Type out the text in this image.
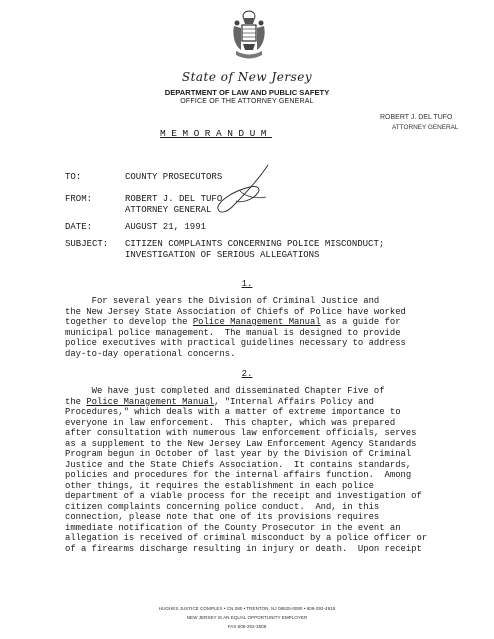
State of New Jersey
DEPARTMENT OF LAW AND PUBLIC SAFETY
OFFICE OF THE ATTORNEY GENERAL
ROBERT J. DEL TUFO
ATTORNEY GENERAL
MEMORANDUM
TO:	COUNTY PROSECUTORS
FROM:	ROBERT J. DEL TUFO
ATTORNEY GENERAL
DATE:	AUGUST 21, 1991
SUBJECT:	CITIZEN COMPLAINTS CONCERNING POLICE MISCONDUCT;
INVESTIGATION OF SERIOUS ALLEGATIONS
1.
For several years the Division of Criminal Justice and
the New Jersey State Association of Chiefs of Police have worked
together to develop the Police Management Manual as a guide for
municipal police management.  The manual is designed to provide
police executives with practical guidelines necessary to address
day-to-day operational concerns.
2.
We have just completed and disseminated Chapter Five of
the Police Management Manual, "Internal Affairs Policy and
Procedures," which deals with a matter of extreme importance to
everyone in law enforcement.  This chapter, which was prepared
after consultation with numerous law enforcement officials, serves
as a supplement to the New Jersey Law Enforcement Agency Standards
Program begun in October of last year by the Division of Criminal
Justice and the State Chiefs Association.  It contains standards,
policies and procedures for the internal affairs function.  Among
other things, it requires the establishment in each police
department of a viable process for the receipt and investigation of
citizen complaints concerning police conduct.  And, in this
connection, please note that one of its provisions requires
immediate notification of the County Prosecutor in the event an
allegation is received of criminal misconduct by a police officer or
of a firearms discharge resulting in injury or death.  Upon receipt
HUGHES JUSTICE COMPLEX • CN 080 • TRENTON, NJ 08625-0080 • 609-292-4919
NEW JERSEY IS AN EQUAL OPPORTUNITY EMPLOYER
FAX 609-292-3508
